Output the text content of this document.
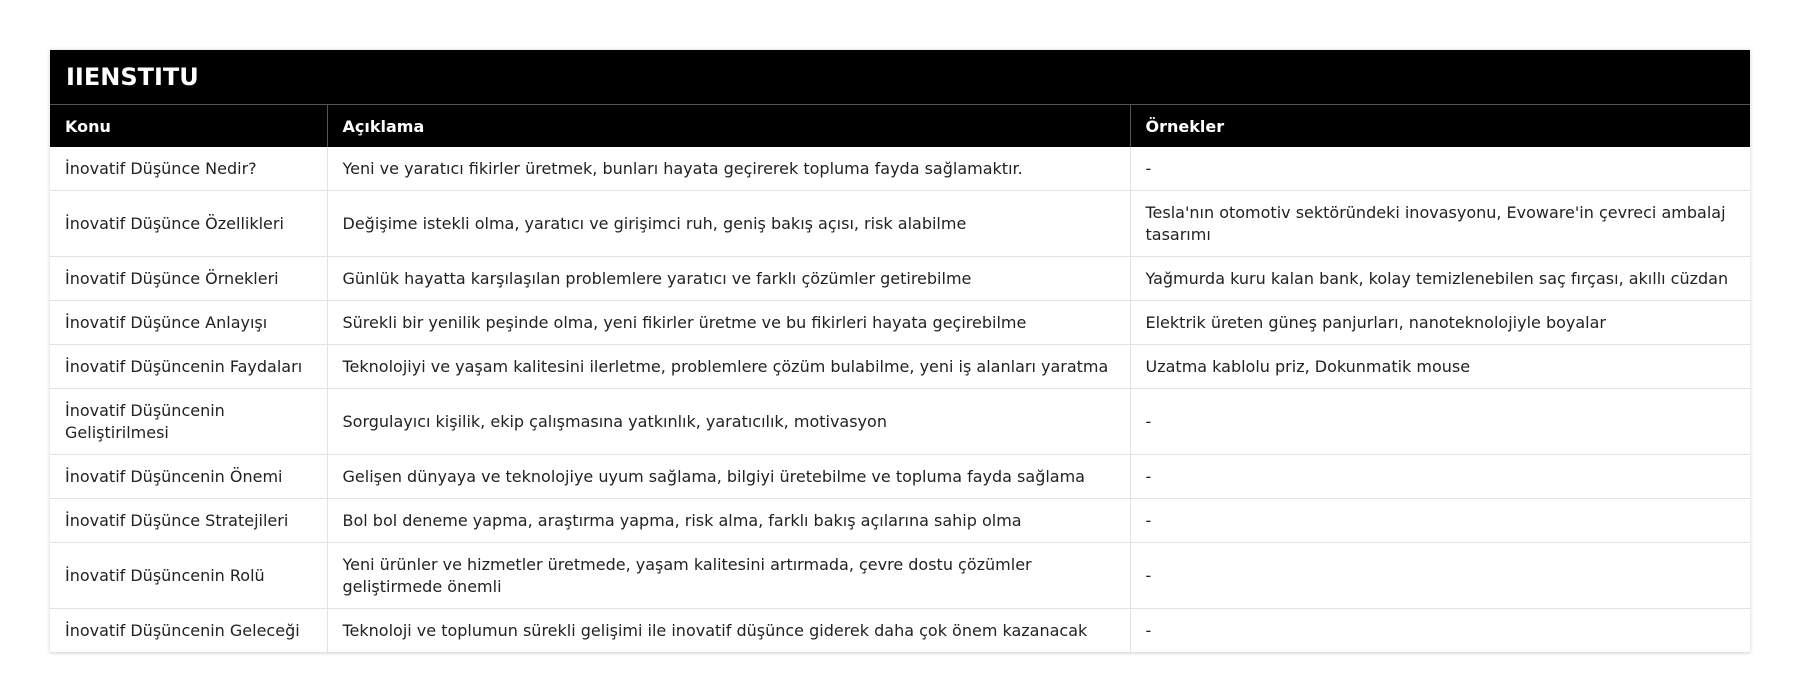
IIENSTITU
Konu	Açıklama	Örnekler
İnovatif Düşünce Nedir?	Yeni ve yaratıcı fikirler üretmek, bunları hayata geçirerek topluma fayda sağlamaktır.	-
İnovatif Düşünce Özellikleri	Değişime istekli olma, yaratıcı ve girişimci ruh, geniş bakış açısı, risk alabilme	Tesla'nın otomotiv sektöründeki inovasyonu, Evoware'in çevreci ambalaj tasarımı
İnovatif Düşünce Örnekleri	Günlük hayatta karşılaşılan problemlere yaratıcı ve farklı çözümler getirebilme	Yağmurda kuru kalan bank, kolay temizlenebilen saç fırçası, akıllı cüzdan
İnovatif Düşünce Anlayışı	Sürekli bir yenilik peşinde olma, yeni fikirler üretme ve bu fikirleri hayata geçirebilme	Elektrik üreten güneş panjurları, nanoteknolojiyle boyalar
İnovatif Düşüncenin Faydaları	Teknolojiyi ve yaşam kalitesini ilerletme, problemlere çözüm bulabilme, yeni iş alanları yaratma	Uzatma kablolu priz, Dokunmatik mouse
İnovatif Düşüncenin Geliştirilmesi	Sorgulayıcı kişilik, ekip çalışmasına yatkınlık, yaratıcılık, motivasyon	-
İnovatif Düşüncenin Önemi	Gelişen dünyaya ve teknolojiye uyum sağlama, bilgiyi üretebilme ve topluma fayda sağlama	-
İnovatif Düşünce Stratejileri	Bol bol deneme yapma, araştırma yapma, risk alma, farklı bakış açılarına sahip olma	-
İnovatif Düşüncenin Rolü	Yeni ürünler ve hizmetler üretmede, yaşam kalitesini artırmada, çevre dostu çözümler geliştirmede önemli	-
İnovatif Düşüncenin Geleceği	Teknoloji ve toplumun sürekli gelişimi ile inovatif düşünce giderek daha çok önem kazanacak	-
